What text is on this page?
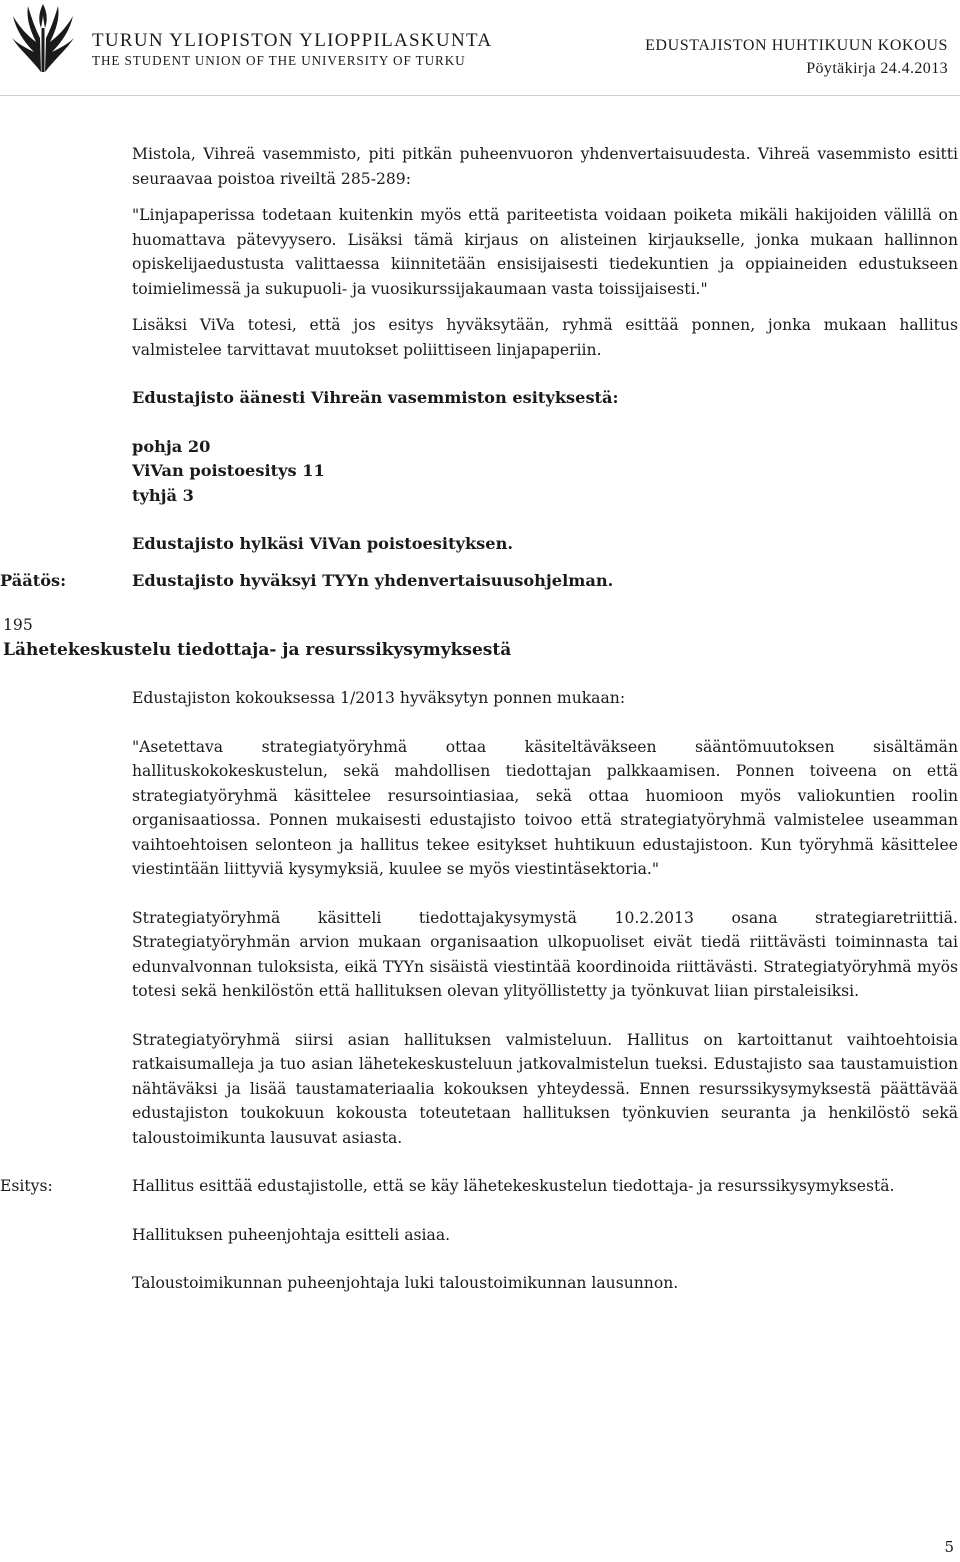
TURUN YLIOPISTON YLIOPPILASKUNTA
THE STUDENT UNION OF THE UNIVERSITY OF TURKU
EDUSTAJISTON HUHTIKUUN KOKOUS
Pöytäkirja 24.4.2013

Mistola, Vihreä vasemmisto, piti pitkän puheenvuoron yhdenvertaisuudesta. Vihreä vasemmisto esitti seuraavaa poistoa riveiltä 285-289:

"Linjapaperissa todetaan kuitenkin myös että pariteetista voidaan poiketa mikäli hakijoiden välillä on huomattava pätevyysero. Lisäksi tämä kirjaus on alisteinen kirjaukselle, jonka mukaan hallinnon opiskelijaedustusta valittaessa kiinnitetään ensisijaisesti tiedekuntien ja oppiaineiden edustukseen toimielimessä ja sukupuoli- ja vuosikurssijakaumaan vasta toissijaisesti."

Lisäksi ViVa totesi, että jos esitys hyväksytään, ryhmä esittää ponnen, jonka mukaan hallitus valmistelee tarvittavat muutokset poliittiseen linjapaperiin.

Edustajisto äänesti Vihreän vasemmiston esityksestä:

pohja 20

ViVan poistoesitys 11

tyhjä 3

Edustajisto hylkäsi ViVan poistoesityksen.

Päätös:	Edustajisto hyväksyi TYYn yhdenvertaisuusohjelman.

195

Lähetekeskustelu tiedottaja- ja resurssikysymyksestä

Edustajiston kokouksessa 1/2013 hyväksytyn ponnen mukaan:

"Asetettava strategiatyöryhmä ottaa käsiteltäväkseen sääntömuutoksen sisältämän hallituskokokeskustelun, sekä mahdollisen tiedottajan palkkaamisen. Ponnen toiveena on että strategiatyöryhmä käsittelee resursointiasiaa, sekä ottaa huomioon myös valiokuntien roolin organisaatiossa. Ponnen mukaisesti edustajisto toivoo että strategiatyöryhmä valmistelee useamman vaihtoehtoisen selonteon ja hallitus tekee esitykset huhtikuun edustajistoon. Kun työryhmä käsittelee viestintään liittyviä kysymyksiä, kuulee se myös viestintäsektoria."

Strategiatyöryhmä käsitteli tiedottajakysymystä 10.2.2013 osana strategiaretriittiä. Strategiatyöryhmän arvion mukaan organisaation ulkopuoliset eivät tiedä riittävästi toiminnasta tai edunvalvonnan tuloksista, eikä TYYn sisäistä viestintää koordinoida riittävästi. Strategiatyöryhmä myös totesi sekä henkilöstön että hallituksen olevan ylityöllistetty ja työnkuvat liian pirstaleisiksi.

Strategiatyöryhmä siirsi asian hallituksen valmisteluun. Hallitus on kartoittanut vaihtoehtoisia ratkaisumalleja ja tuo asian lähetekeskusteluun jatkovalmistelun tueksi. Edustajisto saa taustamuistion nähtäväksi ja lisää taustamateriaalia kokouksen yhteydessä. Ennen resurssikysymyksestä päättävää edustajiston toukokuun kokousta toteutetaan hallituksen työnkuvien seuranta ja henkilöstö sekä taloustoimikunta lausuvat asiasta.

Esitys:	Hallitus esittää edustajistolle, että se käy lähetekeskustelun tiedottaja- ja resurssikysymyksestä.

Hallituksen puheenjohtaja esitteli asiaa.

Taloustoimikunnan puheenjohtaja luki taloustoimikunnan lausunnon.

5
